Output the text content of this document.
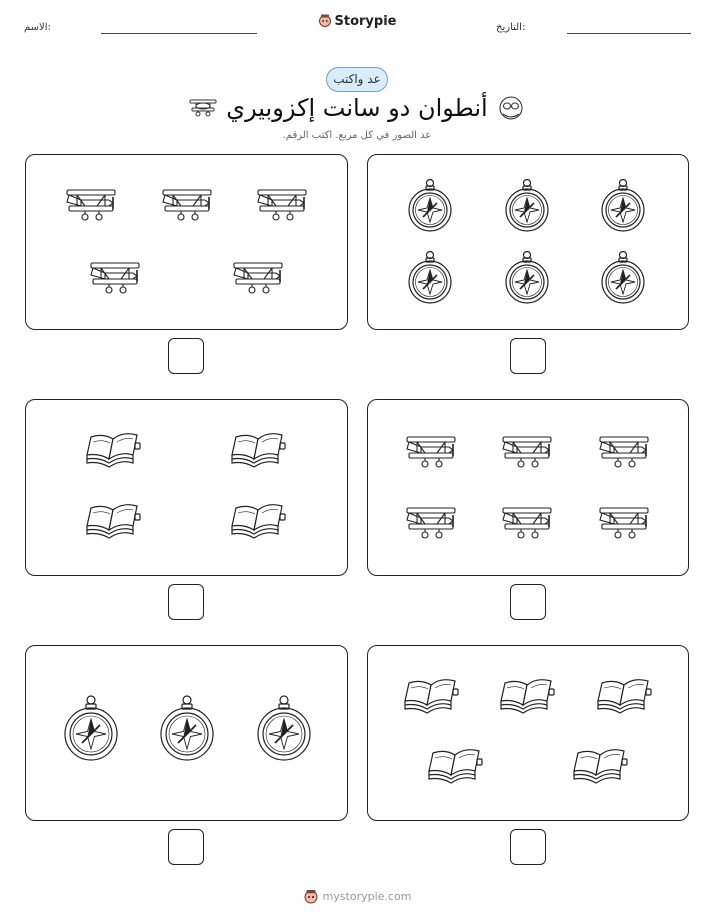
الاسم:	التاريخ:
Storypie
عد واكتب
أنطوان دو سانت إكزوبيري
عد الصور في كل مربع. اكتب الرقم.
mystorypie.com
